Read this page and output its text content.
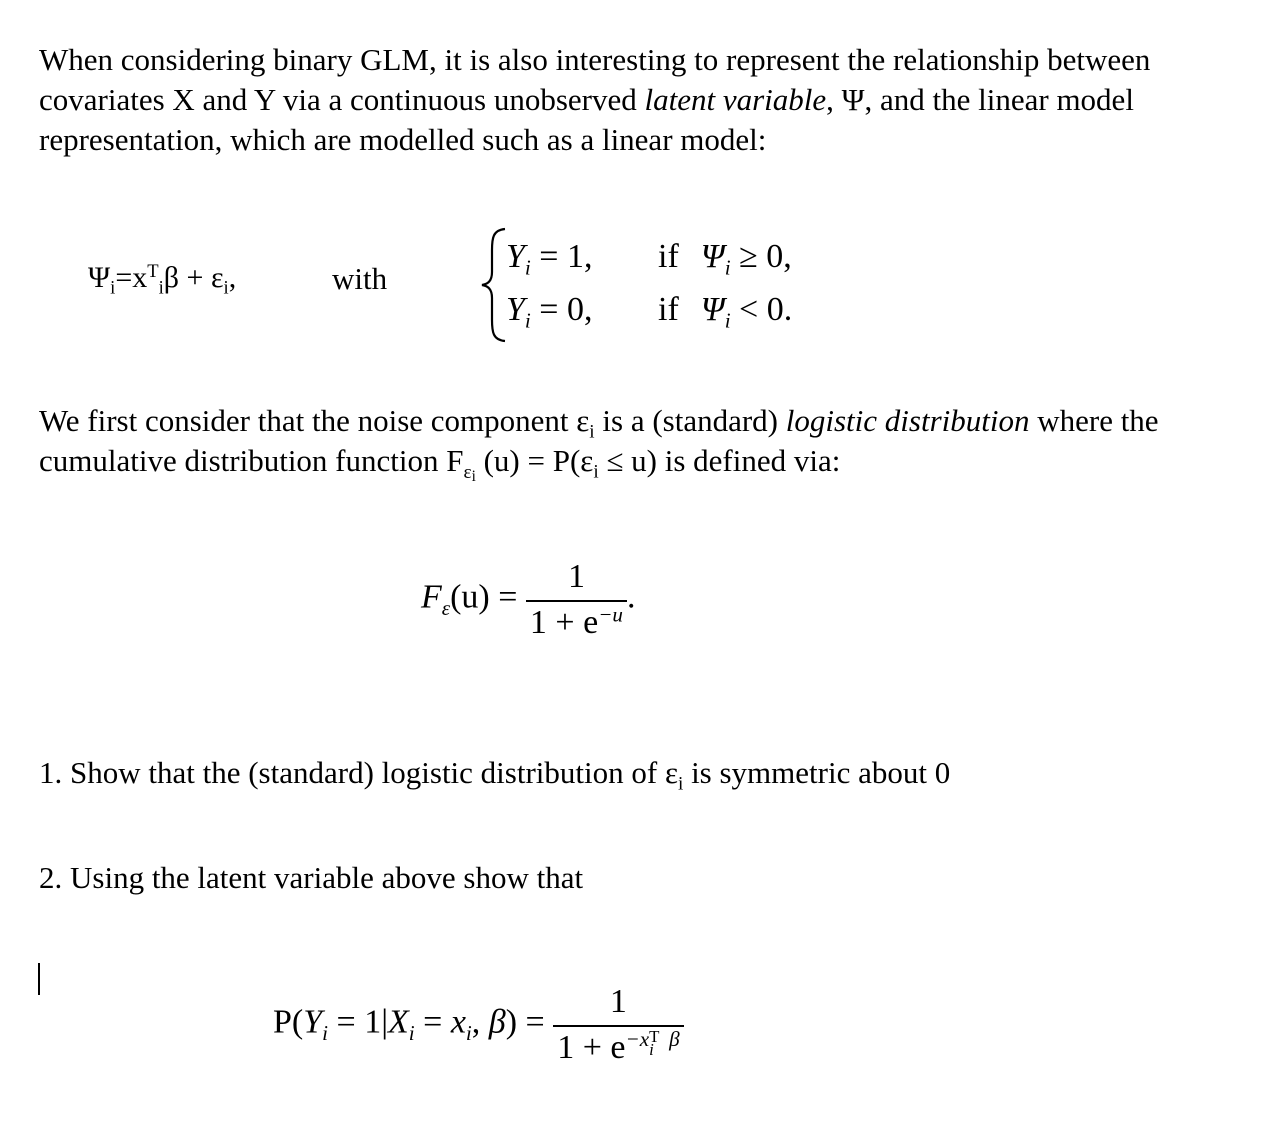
When considering binary GLM, it is also interesting to represent the relationship between
covariates X and Y via a continuous unobserved latent variable, Ψ, and the linear model
representation, which are modelled such as a linear model:
$\Psi_i=x^T_i\beta + \varepsilon_i$,	with
$Y_i = 1$, if $\Psi_i \ge 0$,
$Y_i = 0$, if $\Psi_i < 0$.
We first consider that the noise component $\varepsilon_i$ is a (standard) logistic distribution where the
cumulative distribution function $F_{\varepsilon i}$ $(u) = P(\varepsilon_i \le u)$ is defined via:
$F_\varepsilon(u) = \frac{1}{1 + e^{-u}}$ .
1. Show that the (standard) logistic distribution of $\varepsilon_i$ is symmetric about 0
2. Using the latent variable above show that
$P(Y_i = 1|X_i = x_i$, β) = 1
$1 + e^{-x T i \beta}$
